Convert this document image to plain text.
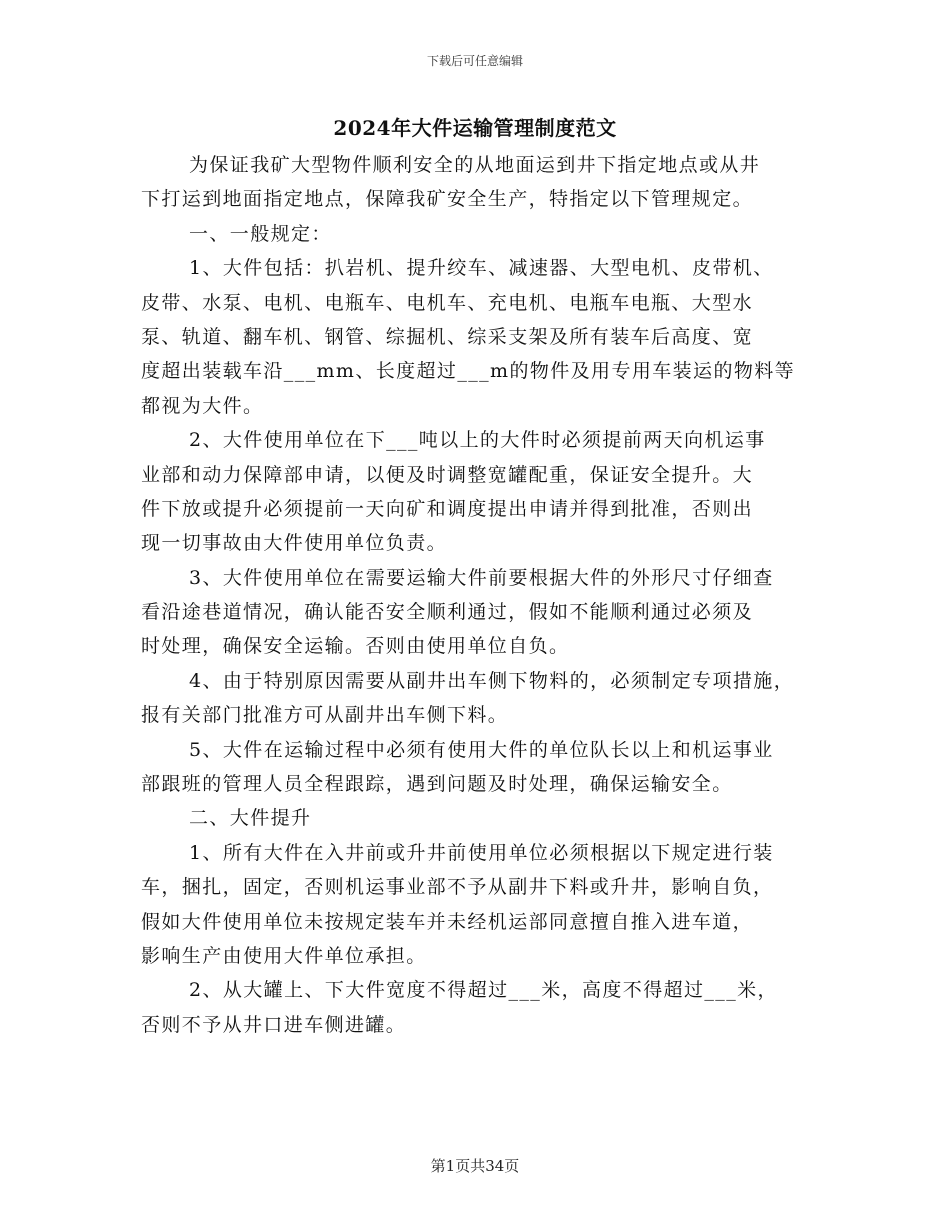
下载后可任意编辑
2024年大件运输管理制度范文
为保证我矿大型物件顺利安全的从地面运到井下指定地点或从井
下打运到地面指定地点，保障我矿安全生产，特指定以下管理规定。
一、一般规定：
1、大件包括：扒岩机、提升绞车、减速器、大型电机、皮带机、
皮带、水泵、电机、电瓶车、电机车、充电机、电瓶车电瓶、大型水
泵、轨道、翻车机、钢管、综掘机、综采支架及所有装车后高度、宽
度超出装载车沿___mm、长度超过___m的物件及用专用车装运的物料等
都视为大件。
2、大件使用单位在下___吨以上的大件时必须提前两天向机运事
业部和动力保障部申请，以便及时调整宽罐配重，保证安全提升。大
件下放或提升必须提前一天向矿和调度提出申请并得到批准，否则出
现一切事故由大件使用单位负责。
3、大件使用单位在需要运输大件前要根据大件的外形尺寸仔细查
看沿途巷道情况，确认能否安全顺利通过，假如不能顺利通过必须及
时处理，确保安全运输。否则由使用单位自负。
4、由于特别原因需要从副井出车侧下物料的，必须制定专项措施，
报有关部门批准方可从副井出车侧下料。
5、大件在运输过程中必须有使用大件的单位队长以上和机运事业
部跟班的管理人员全程跟踪，遇到问题及时处理，确保运输安全。
二、大件提升
1、所有大件在入井前或升井前使用单位必须根据以下规定进行装
车，捆扎，固定，否则机运事业部不予从副井下料或升井，影响自负，
假如大件使用单位未按规定装车并未经机运部同意擅自推入进车道，
影响生产由使用大件单位承担。
2、从大罐上、下大件宽度不得超过___米，高度不得超过___米，
否则不予从井口进车侧进罐。
第1页共34页
